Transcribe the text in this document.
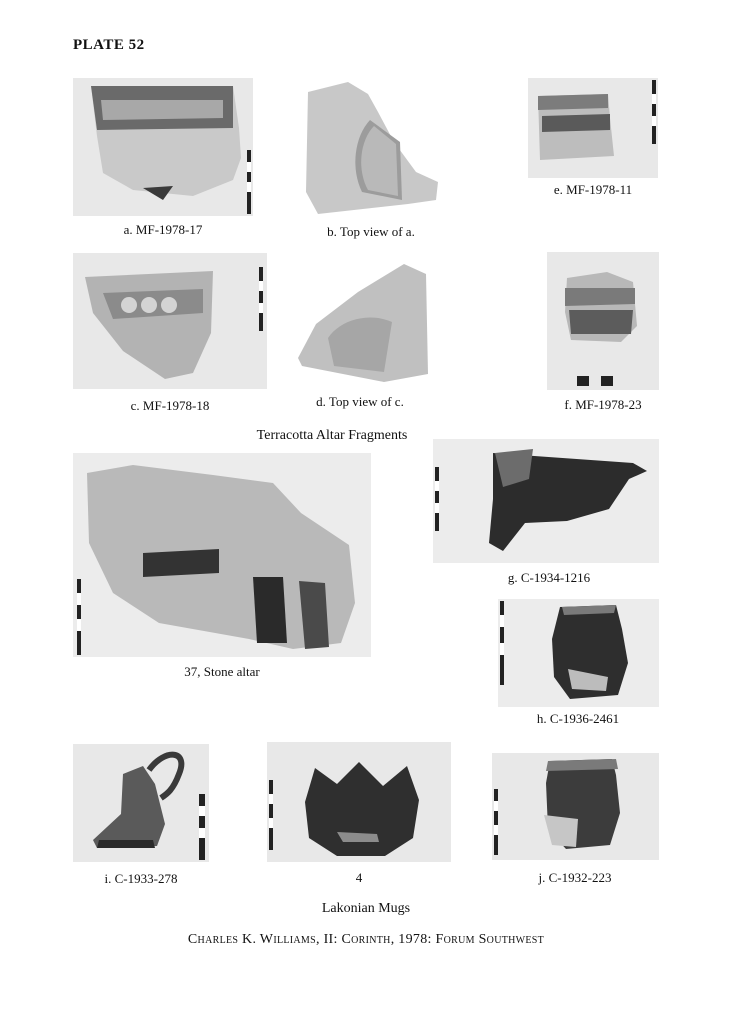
PLATE 52
a. MF-1978-17	b. Top view of a.
e. MF-1978-11
c. MF-1978-18	d. Top view of c.	f. MF-1978-23
Terracotta Altar Fragments
37, Stone altar
g. C-1934-1216
h. C-1936-2461
i. C-1933-278	4	j. C-1932-223
Lakonian Mugs
Charles K. Williams, II: Corinth, 1978: Forum Southwest
